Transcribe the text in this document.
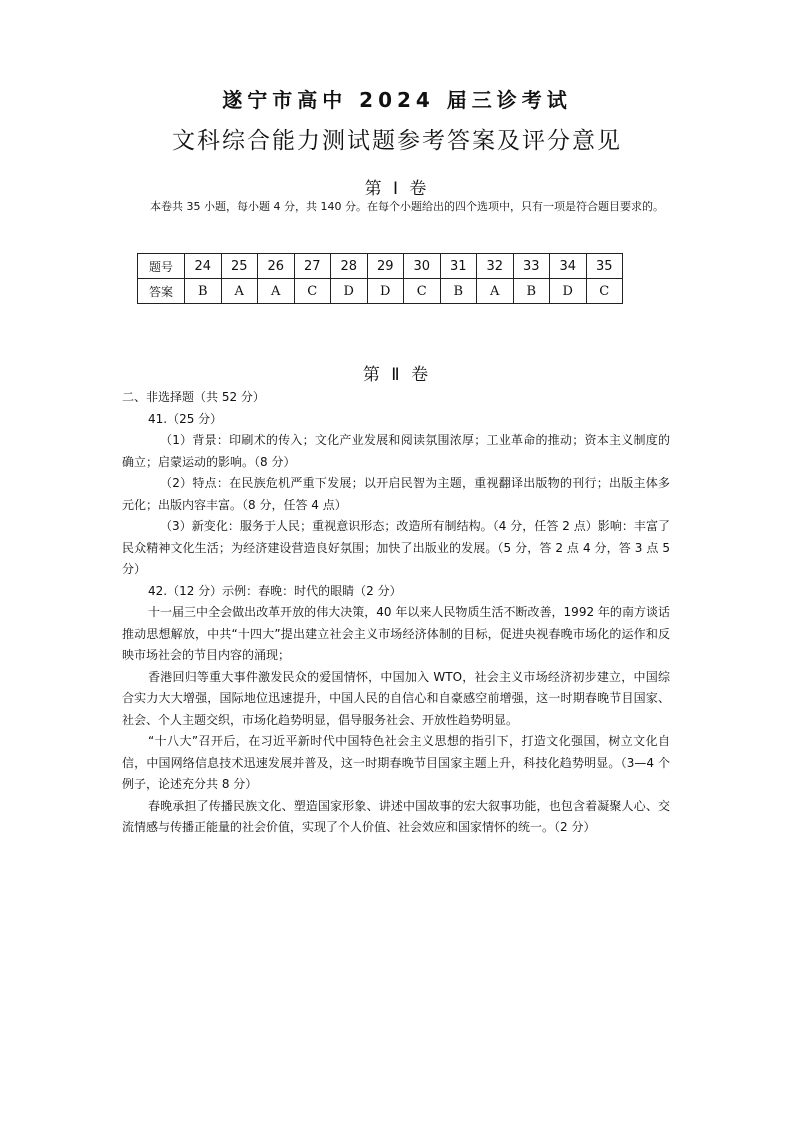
遂宁市高中 2024 届三诊考试
文科综合能力测试题参考答案及评分意见
第 Ⅰ 卷
本卷共 35 小题，每小题 4 分，共 140 分。在每个小题给出的四个选项中，只有一项是符合题目要求的。
题号	24	25	26	27	28	29	30	31	32	33	34	35
答案	B	A	A	C	D	D	C	B	A	B	D	C
第 Ⅱ 卷

二、非选择题（共 52 分）

41.（25 分）

（1）背景：印刷术的传入；文化产业发展和阅读氛围浓厚；工业革命的推动；资本主义制度的确立；启蒙运动的影响。（8 分）

（2）特点：在民族危机严重下发展；以开启民智为主题，重视翻译出版物的刊行；出版主体多元化；出版内容丰富。（8 分，任答 4 点）

（3）新变化：服务于人民；重视意识形态；改造所有制结构。（4 分，任答 2 点）影响：丰富了民众精神文化生活；为经济建设营造良好氛围；加快了出版业的发展。（5 分，答 2 点 4 分，答 3 点 5 分）

42.（12 分）示例：春晚：时代的眼睛（2 分）

十一届三中全会做出改革开放的伟大决策，40 年以来人民物质生活不断改善，1992 年的南方谈话推动思想解放，中共“十四大”提出建立社会主义市场经济体制的目标，促进央视春晚市场化的运作和反映市场社会的节目内容的涌现；

香港回归等重大事件激发民众的爱国情怀，中国加入 WTO，社会主义市场经济初步建立，中国综合实力大大增强，国际地位迅速提升，中国人民的自信心和自豪感空前增强，这一时期春晚节目国家、社会、个人主题交织，市场化趋势明显，倡导服务社会、开放性趋势明显。

“十八大”召开后，在习近平新时代中国特色社会主义思想的指引下，打造文化强国，树立文化自信，中国网络信息技术迅速发展并普及，这一时期春晚节目国家主题上升，科技化趋势明显。（3—4 个例子，论述充分共 8 分）

春晚承担了传播民族文化、塑造国家形象、讲述中国故事的宏大叙事功能，也包含着凝聚人心、交流情感与传播正能量的社会价值，实现了个人价值、社会效应和国家情怀的统一。（2 分）
